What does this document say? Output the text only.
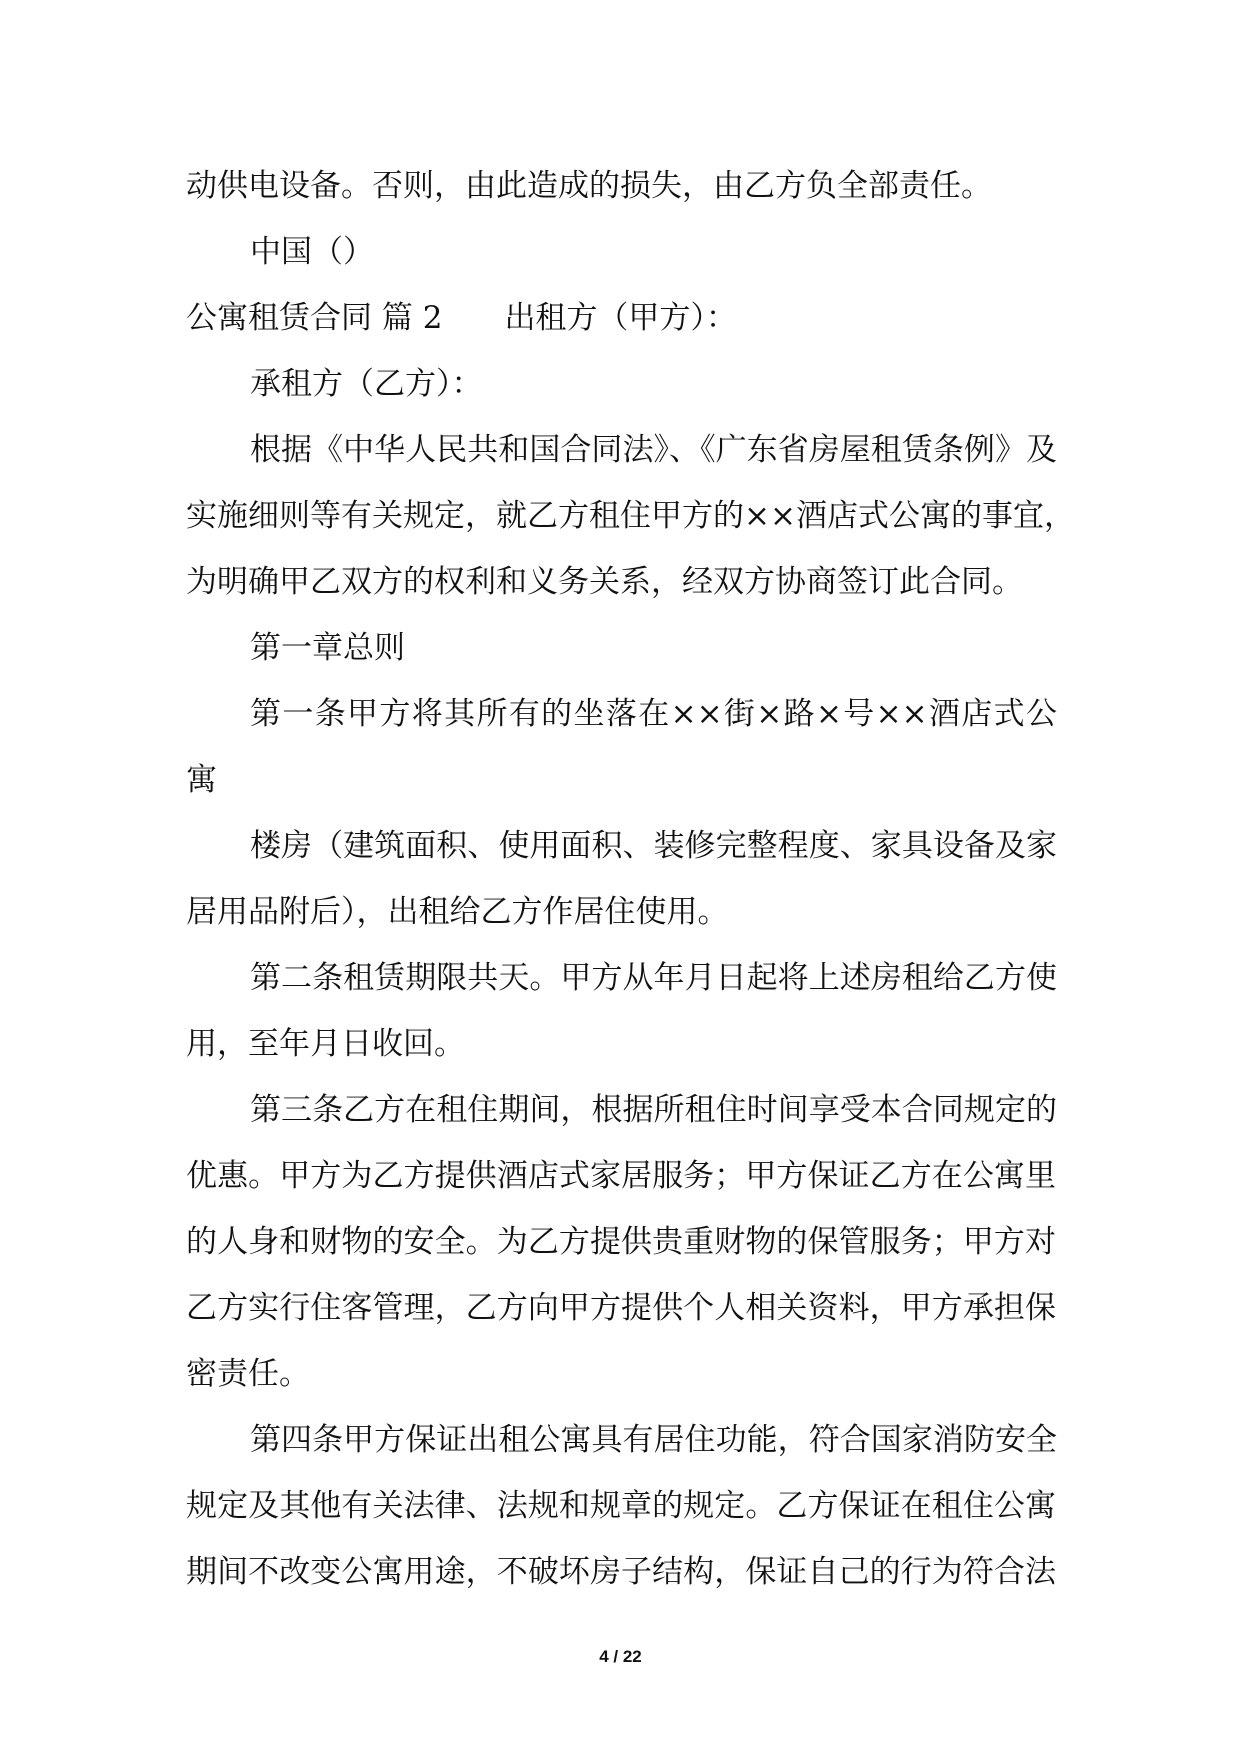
动供电设备。否则，由此造成的损失，由乙方负全部责任。

中国（）

公寓租赁合同 篇 2 出租方（甲方）：

承租方（乙方）：

根据《中华人民共和国合同法》、《广东省房屋租赁条例》及

实施细则等有关规定，就乙方租住甲方的××酒店式公寓的事宜，

为明确甲乙双方的权利和义务关系，经双方协商签订此合同。

第一章总则

第一条甲方将其所有的坐落在××街×路×号××酒店式公

寓

楼房（建筑面积、使用面积、装修完整程度、家具设备及家

居用品附后），出租给乙方作居住使用。

第二条租赁期限共天。甲方从年月日起将上述房租给乙方使

用，至年月日收回。

第三条乙方在租住期间，根据所租住时间享受本合同规定的

优惠。甲方为乙方提供酒店式家居服务；甲方保证乙方在公寓里

的人身和财物的安全。为乙方提供贵重财物的保管服务；甲方对

乙方实行住客管理，乙方向甲方提供个人相关资料，甲方承担保

密责任。

第四条甲方保证出租公寓具有居住功能，符合国家消防安全

规定及其他有关法律、法规和规章的规定。乙方保证在租住公寓

期间不改变公寓用途，不破坏房子结构，保证自己的行为符合法

4 / 22
